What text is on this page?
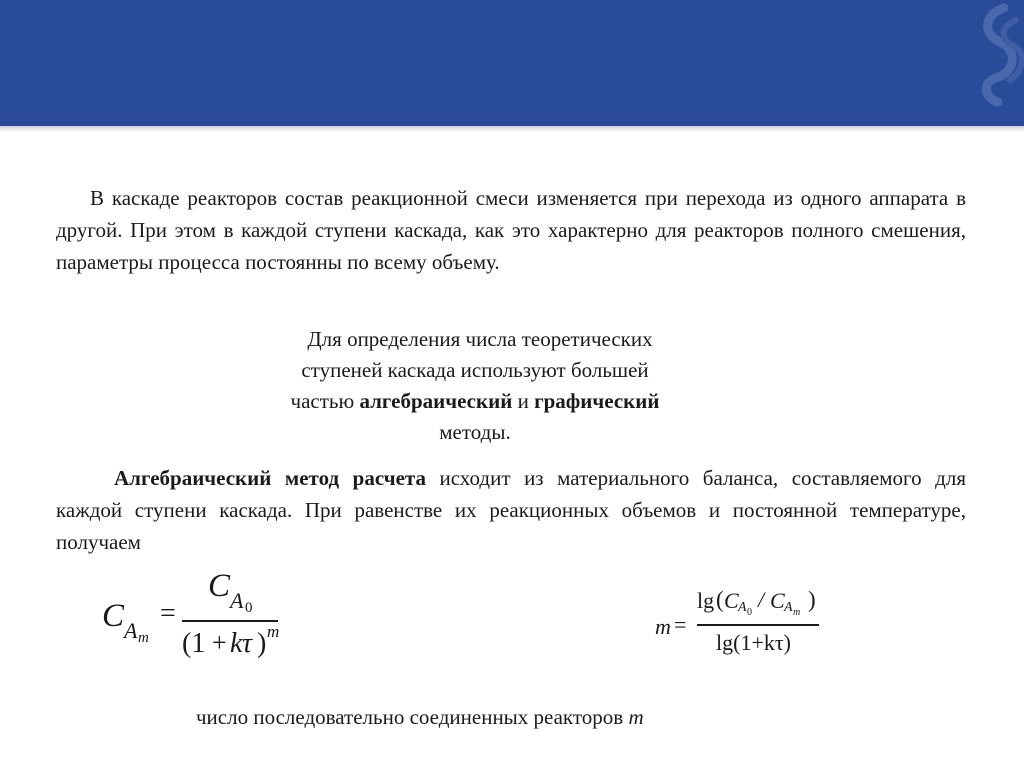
В каскаде реакторов состав реакционной смеси изменяется при перехода из одного аппарата в другой. При этом в каждой ступени каскада, как это характерно для реакторов полного смешения, параметры процесса постоянны по всему объему.

Для определения числа теоретических
ступеней каскада используют большей
частью алгебраический и графический
методы.

Алгебраический метод расчета исходит из материального баланса, составляемого для каждой ступени каскада. При равенстве их реакционных объемов и постоянной температуре, получаем

C A m
=
C A 0
(1 + k τ ) m	m =
lg ( C A 0
/ C A m
)
lg(1+kτ)
число последовательно соединенных реакторов m
